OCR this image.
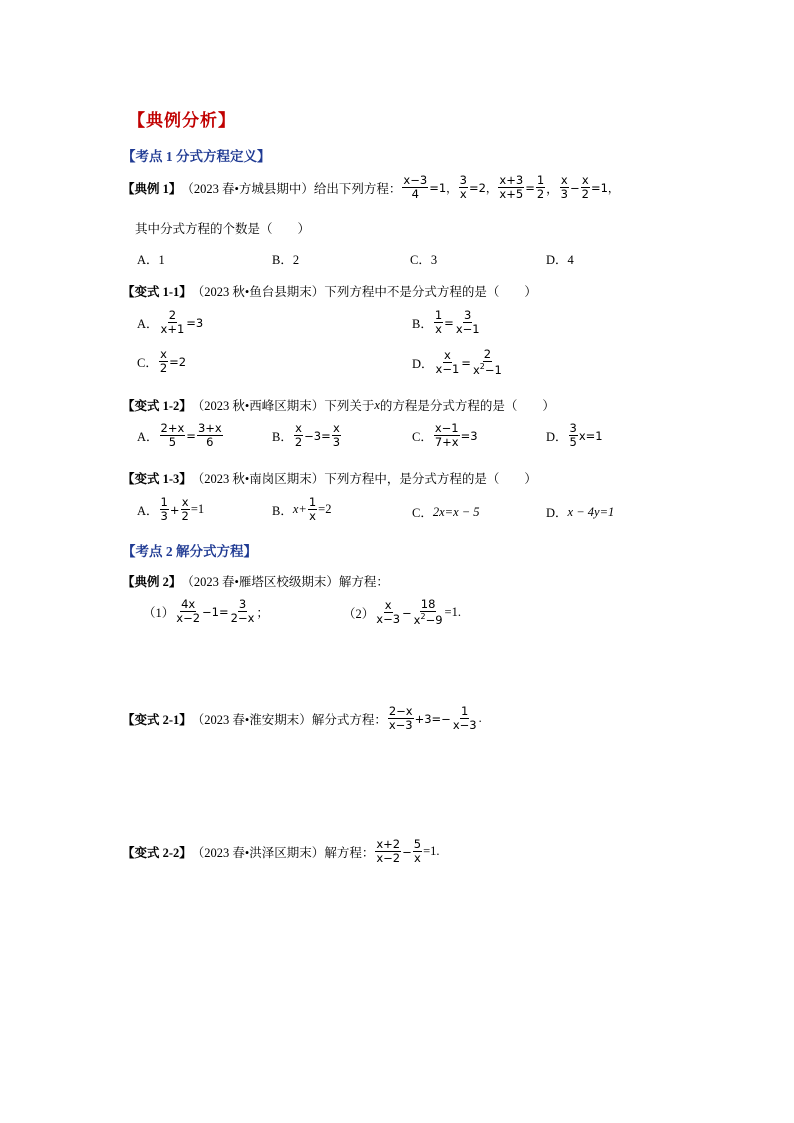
【典例分析】
【考点 1 分式方程定义】
【典例 1】 （2023 春•方城县期中） 给出下列方程： $\frac{x-3}{4} =1$， $\frac{3}{x} =2$， $\frac{x+3}{x+5} = \frac{1}{2}$ ， $\frac{x}{3} - \frac{x}{2} =1$，
其中分式方程的个数是（　　）
A．1	B．2	C．3	D．4
【变式 1-1】 （2023 秋•鱼台县期末） 下列方程中不是分式方程的是（　　）
A． $\frac{2}{x+1} =3$	B． $\frac{1}{x} = \frac{3}{x-1}$
C． $\frac{x}{2} =2$	D． $\frac{x}{x-1} = \frac{2}{x^2-1}$
【变式 1-2】 （2023 秋•西峰区期末） 下列关于 x 的方程是分式方程的是（　　）
A． $\frac{2+x}{5} = \frac{3+x}{6}$	B． $\frac{x}{2} -3= \frac{x}{3}$	C． $\frac{x-1}{7+x} =3$	D． $\frac{3}{5} x=1$
【变式 1-3】 （2023 秋•南岗区期末） 下列方程中，是分式方程的是（　　）
A． $\frac{1}{3} + \frac{x}{2} =1$	B． $x+ \frac{1}{x} =2$	C． 2x=x − 5	D． x − 4y=1
【考点 2 解分式方程】
【典例 2】 （2023 春•雁塔区校级期末） 解方程：
$(1) \frac{4x}{x-2} -1= \frac{3}{2-x}$ ；	$(2) \frac{x}{x-3} - \frac{18}{x^2-9} =1$.
【变式 2-1】 （2023 春•淮安期末） 解分式方程： $\frac{2-x}{x-3} +3=- \frac{1}{x-3}$ .
【变式 2-2】 （2023 春•洪泽区期末） 解方程： $\frac{x+2}{x-2} - \frac{5}{x} =1$.
